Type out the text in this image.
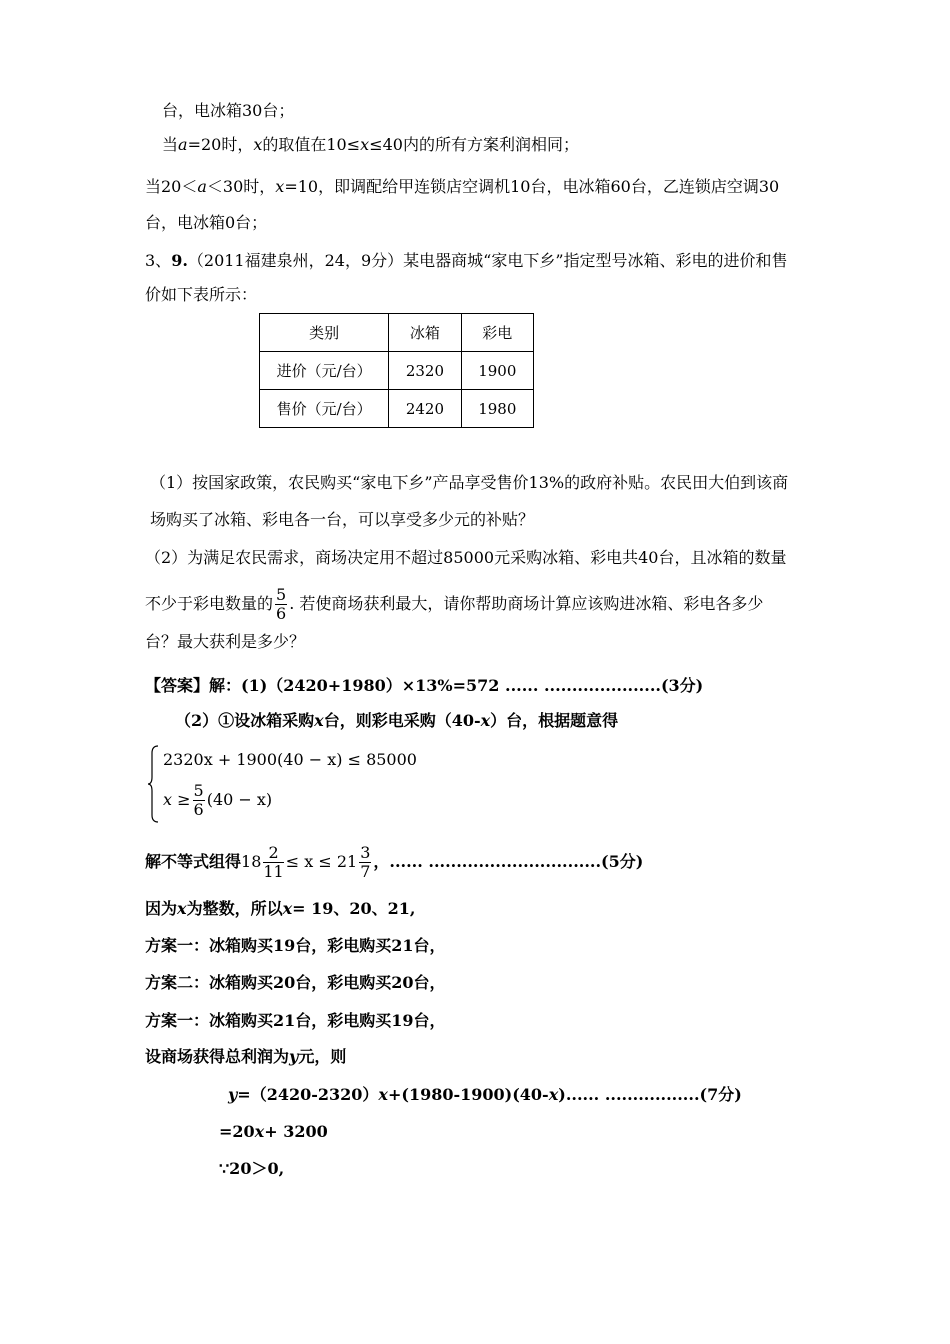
台，电冰箱30台；
当a=20时，x的取值在10≤x≤40内的所有方案利润相同；
当20＜a＜30时，x=10，即调配给甲连锁店空调机10台，电冰箱60台，乙连锁店空调30
台，电冰箱0台；
3、9.（2011福建泉州，24，9分）某电器商城“家电下乡”指定型号冰箱、彩电的进价和售
价如下表所示：
类别	冰箱	彩电
进价（元/台）	2320	1900
售价（元/台）	2420	1980
（1）按国家政策，农民购买“家电下乡”产品享受售价13%的政府补贴。农民田大伯到该商
场购买了冰箱、彩电各一台，可以享受多少元的补贴？
（2）为满足农民需求，商场决定用不超过85000元采购冰箱、彩电共40台，且冰箱的数量
不少于彩电数量的 $\frac{5}{6}$ . 若使商场获利最大，请你帮助商场计算应该购进冰箱、彩电各多少
台？最大获利是多少？
【答案】解：(1)（2420+1980）×13%=572 ...... .....................(3分)
（2）①设冰箱采购x台，则彩电采购（40-x）台，根据题意得
2320x + 1900(40 − x) ≤ 85000
$x \ge \frac{5}{6} (40 - x)$
解不等式组得$18 \frac{2}{11} \le x \le 21 \frac{3}{7}$ ，...... ...............................(5分)
因为x为整数，所以x= 19、20、21,
方案一：冰箱购买19台，彩电购买21台，
方案二：冰箱购买20台，彩电购买20台，
方案一：冰箱购买21台，彩电购买19台，
设商场获得总利润为y元，则
y=（2420-2320）x+(1980-1900)(40-x)...... .................(7分)
=20x+ 3200
∵20＞0,
